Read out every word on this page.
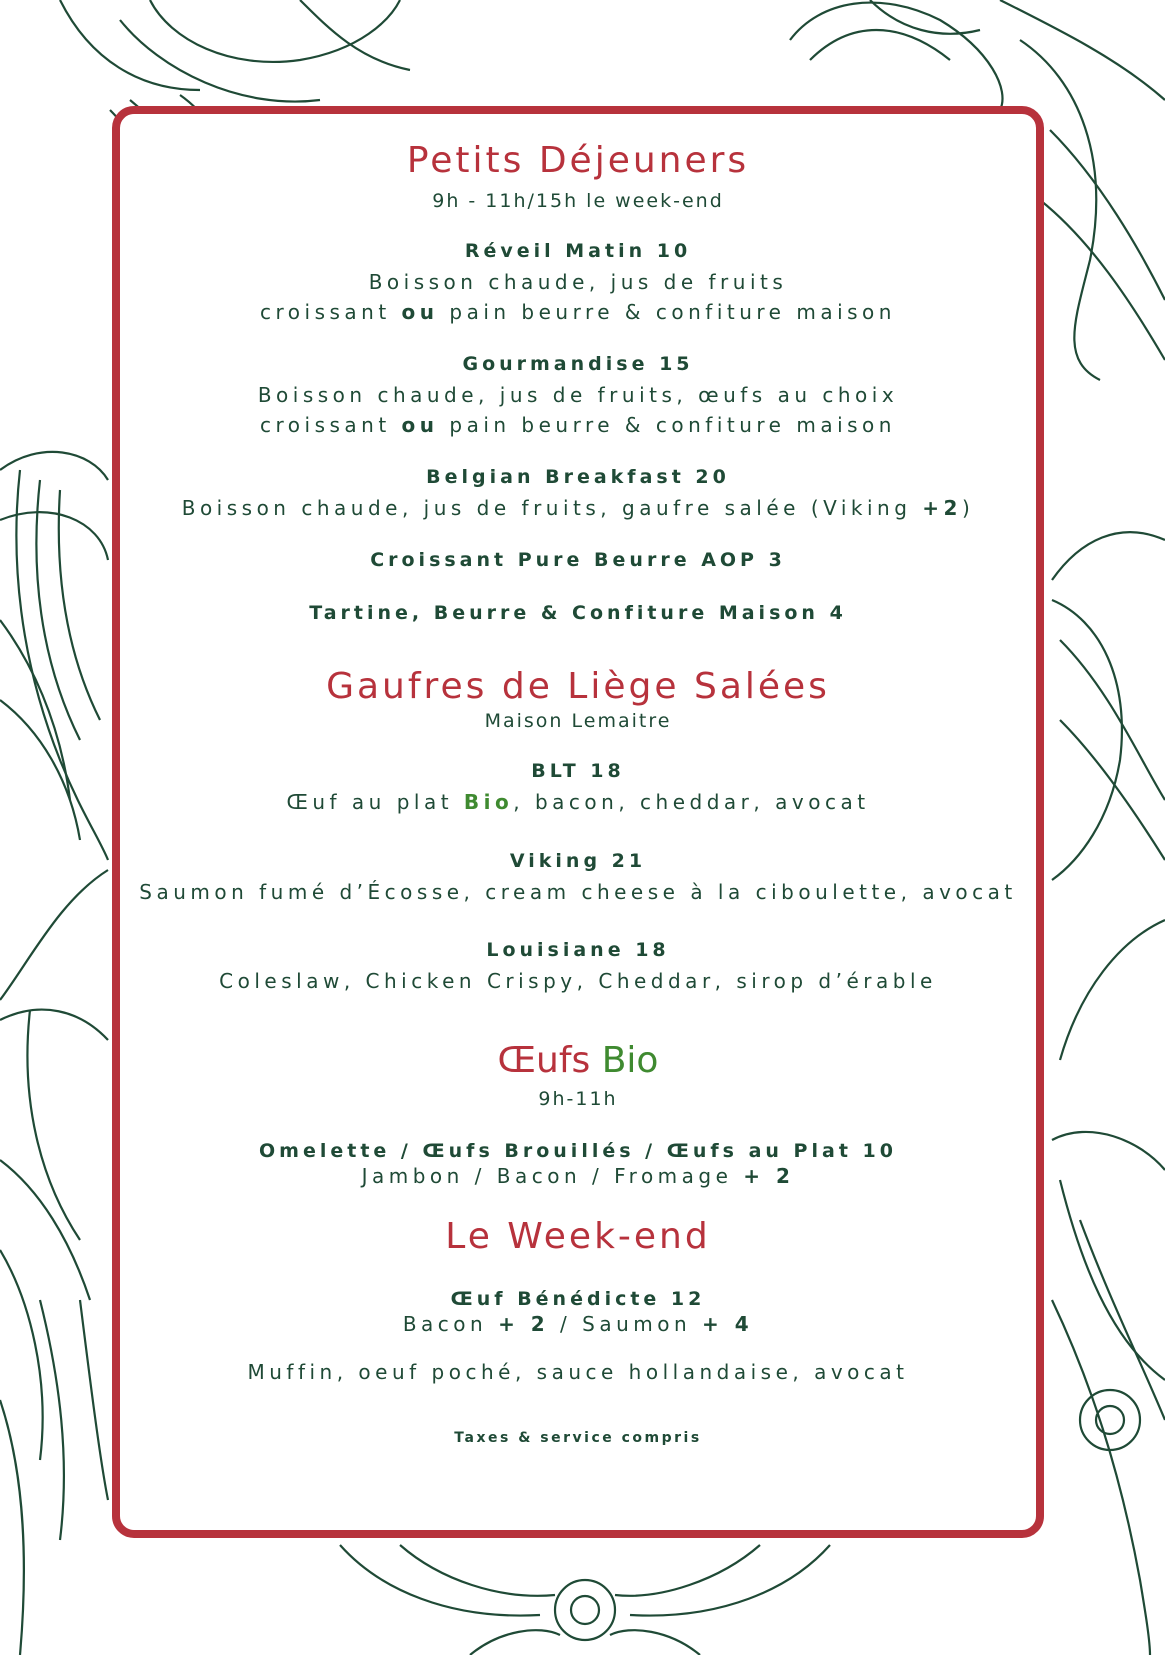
Petits Déjeuners
9h - 11h/15h le week-end
Réveil Matin 10
Boisson chaude, jus de fruits
croissant ou pain beurre & confiture maison
Gourmandise 15
Boisson chaude, jus de fruits, œufs au choix
croissant ou pain beurre & confiture maison
Belgian Breakfast 20
Boisson chaude, jus de fruits, gaufre salée (Viking +2)
Croissant Pure Beurre AOP 3
Tartine, Beurre & Confiture Maison 4
Gaufres de Liège Salées
Maison Lemaitre
BLT 18
Œuf au plat Bio, bacon, cheddar, avocat
Viking 21
Saumon fumé d’Écosse, cream cheese à la ciboulette, avocat
Louisiane 18
Coleslaw, Chicken Crispy, Cheddar, sirop d’érable
Œufs Bio
9h-11h
Omelette / Œufs Brouillés / Œufs au Plat 10
Jambon / Bacon / Fromage + 2
Le Week-end
Œuf Bénédicte 12
Bacon + 2 / Saumon + 4
Muffin, oeuf poché, sauce hollandaise, avocat
Taxes & service compris
